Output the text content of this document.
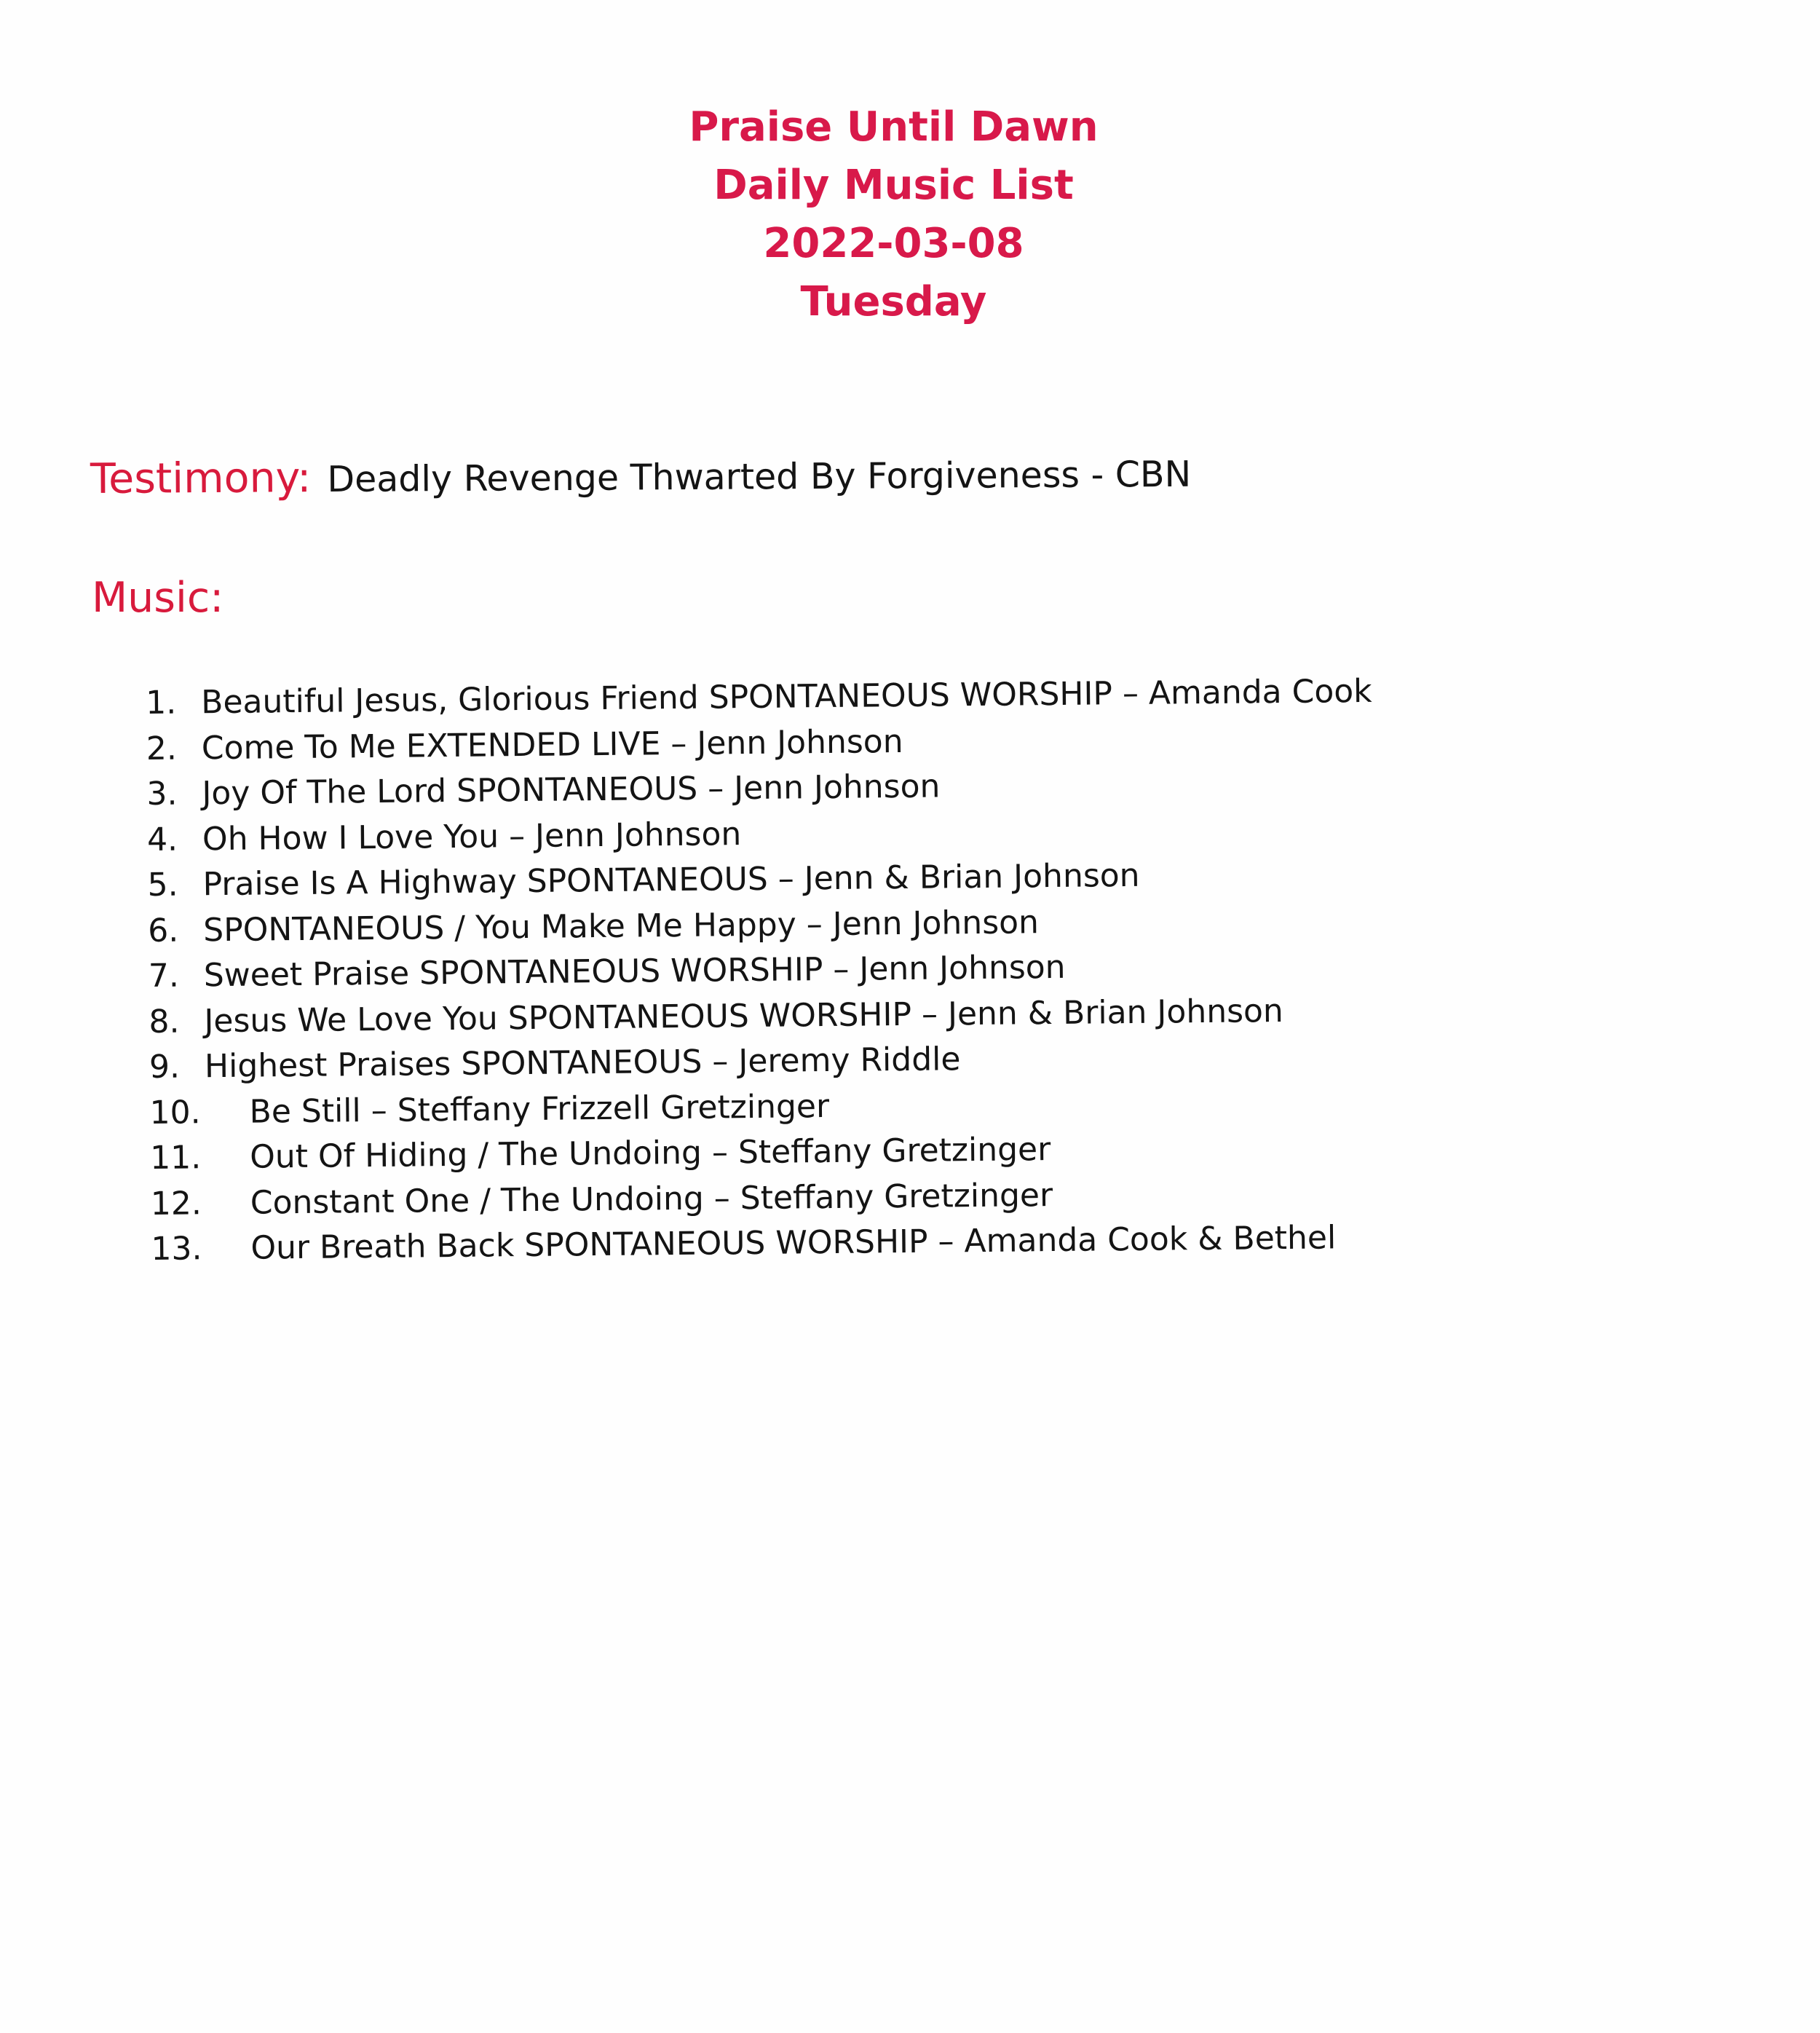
Praise Until Dawn
Daily Music List
2022-03-08
Tuesday
Testimony: Deadly Revenge Thwarted By Forgiveness - CBN
Music:
1. Beautiful Jesus, Glorious Friend SPONTANEOUS WORSHIP – Amanda Cook
2. Come To Me EXTENDED LIVE – Jenn Johnson
3. Joy Of The Lord SPONTANEOUS – Jenn Johnson
4. Oh How I Love You – Jenn Johnson
5. Praise Is A Highway SPONTANEOUS – Jenn & Brian Johnson
6. SPONTANEOUS / You Make Me Happy – Jenn Johnson
7. Sweet Praise SPONTANEOUS WORSHIP – Jenn Johnson
8. Jesus We Love You SPONTANEOUS WORSHIP – Jenn & Brian Johnson
9. Highest Praises SPONTANEOUS – Jeremy Riddle
10. Be Still – Steffany Frizzell Gretzinger
11. Out Of Hiding / The Undoing – Steffany Gretzinger
12. Constant One / The Undoing – Steffany Gretzinger
13. Our Breath Back SPONTANEOUS WORSHIP – Amanda Cook & Bethel
